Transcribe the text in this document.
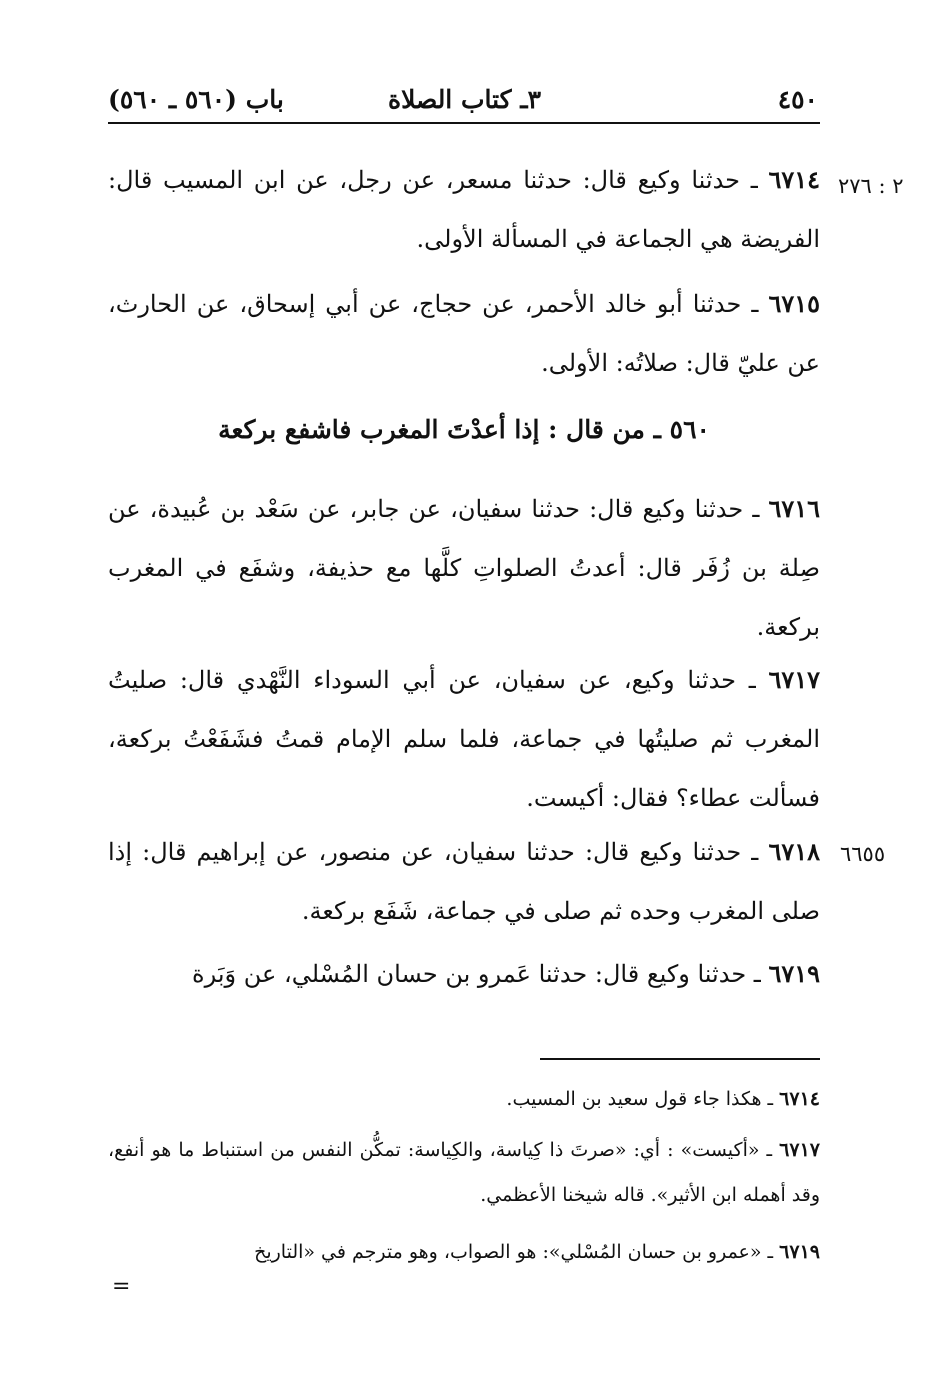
٤٥٠
٣ـ كتاب الصلاة
باب (٥٦٠ ـ ٥٦٠)
٢ : ٢٧٦
٦٦٥٥
٦٧١٤ ـ حدثنا وكيع قال: حدثنا مسعر، عن رجل، عن ابن المسيب قال: الفريضة هي الجماعة في المسألة الأولى.
٦٧١٥ ـ حدثنا أبو خالد الأحمر، عن حجاج، عن أبي إسحاق، عن الحارث، عن عليّ قال: صلاتُه: الأولى.
٥٦٠ ـ من قال : إذا أعدْتَ المغرب فاشفع بركعة
٦٧١٦ ـ حدثنا وكيع قال: حدثنا سفيان، عن جابر، عن سَعْد بن عُبيدة، عن صِلة بن زُفَر قال: أعدتُ الصلواتِ كلَّها مع حذيفة، وشفَع في المغرب بركعة.
٦٧١٧ ـ حدثنا وكيع، عن سفيان، عن أبي السوداء النَّهْدي قال: صليتُ المغرب ثم صليتُها في جماعة، فلما سلم الإمام قمتُ فشَفَعْتُ بركعة، فسألت عطاء؟ فقال: أكيست.
٦٧١٨ ـ حدثنا وكيع قال: حدثنا سفيان، عن منصور، عن إبراهيم قال: إذا صلى المغرب وحده ثم صلى في جماعة، شَفَع بركعة.
٦٧١٩ ـ حدثنا وكيع قال: حدثنا عَمرو بن حسان المُسْلي، عن وَبَرة
٦٧١٤ ـ هكذا جاء قول سعيد بن المسيب.
٦٧١٧ ـ «أكيست» : أي: «صرتَ ذا كِياسة، والكِياسة: تمكُّن النفس من استنباط ما هو أنفع، وقد أهمله ابن الأثير». قاله شيخنا الأعظمي.
٦٧١٩ ـ «عمرو بن حسان المُسْلي»: هو الصواب، وهو مترجم في «التاريخ
=
